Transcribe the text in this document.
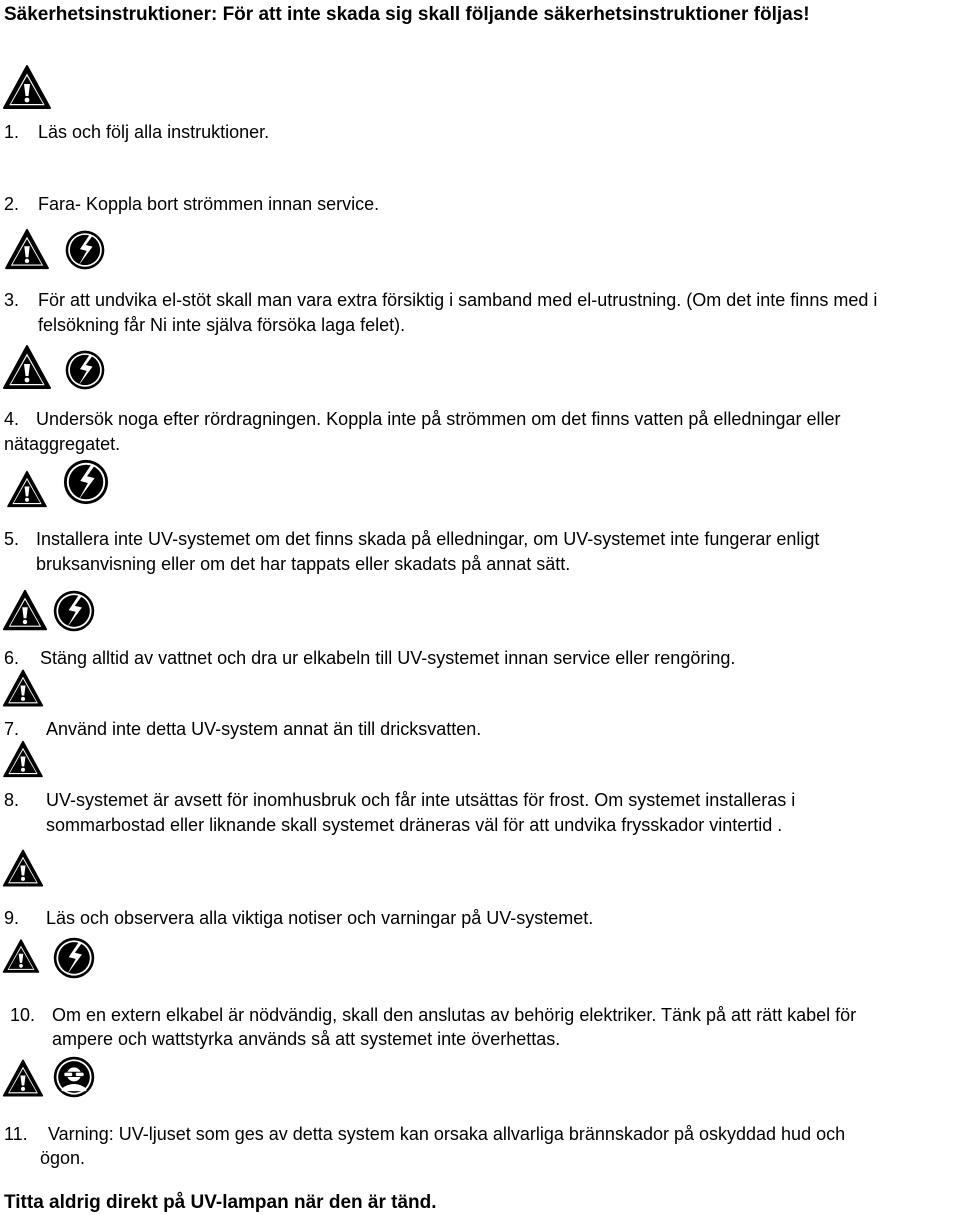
Säkerhetsinstruktioner: För att inte skada sig skall följande säkerhetsinstruktioner följas!
1. Läs och följ alla instruktioner.
2. Fara- Koppla bort strömmen innan service.
3. För att undvika el-stöt skall man vara extra försiktig i samband med el-utrustning. (Om det inte finns med i
felsökning får Ni inte själva försöka laga felet).
4. Undersök noga efter rördragningen. Koppla inte på strömmen om det finns vatten på elledningar eller
nätaggregatet.
5. Installera inte UV-systemet om det finns skada på elledningar, om UV-systemet inte fungerar enligt
bruksanvisning eller om det har tappats eller skadats på annat sätt.
6. Stäng alltid av vattnet och dra ur elkabeln till UV-systemet innan service eller rengöring.
7. Använd inte detta UV-system annat än till dricksvatten.
8. UV-systemet är avsett för inomhusbruk och får inte utsättas för frost. Om systemet installeras i
sommarbostad eller liknande skall systemet dräneras väl för att undvika frysskador vintertid .
9. Läs och observera alla viktiga notiser och varningar på UV-systemet.
10. Om en extern elkabel är nödvändig, skall den anslutas av behörig elektriker. Tänk på att rätt kabel för
ampere och wattstyrka används så att systemet inte överhettas.
11. Varning: UV-ljuset som ges av detta system kan orsaka allvarliga brännskador på oskyddad hud och
ögon.
Titta aldrig direkt på UV-lampan när den är tänd.
